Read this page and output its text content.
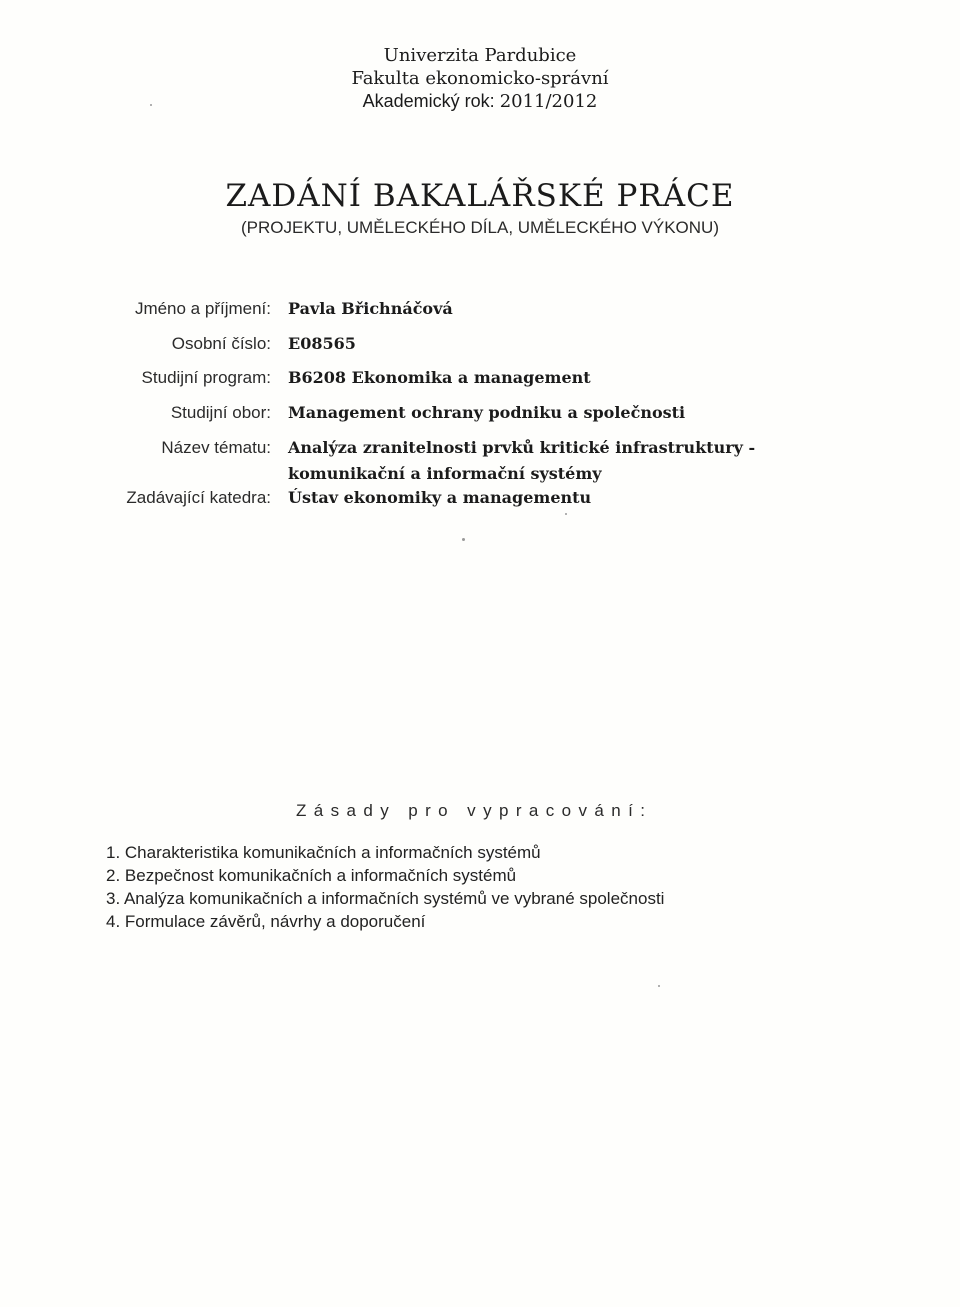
Univerzita Pardubice
Fakulta ekonomicko-správní
Akademický rok: 2011/2012
ZADÁNÍ BAKALÁŘSKÉ PRÁCE
(PROJEKTU, UMĚLECKÉHO DÍLA, UMĚLECKÉHO VÝKONU)
Jméno a příjmení: Pavla Břichnáčová
Osobní číslo: E08565
Studijní program: B6208 Ekonomika a management
Studijní obor: Management ochrany podniku a společnosti
Název tématu: Analýza zranitelnosti prvků kritické infrastruktury - komunikační a informační systémy
Zadávající katedra: Ústav ekonomiky a managementu
Zásady pro vypracování:
1. Charakteristika komunikačních a informačních systémů
2. Bezpečnost komunikačních a informačních systémů
3. Analýza komunikačních a informačních systémů ve vybrané společnosti
4. Formulace závěrů, návrhy a doporučení
